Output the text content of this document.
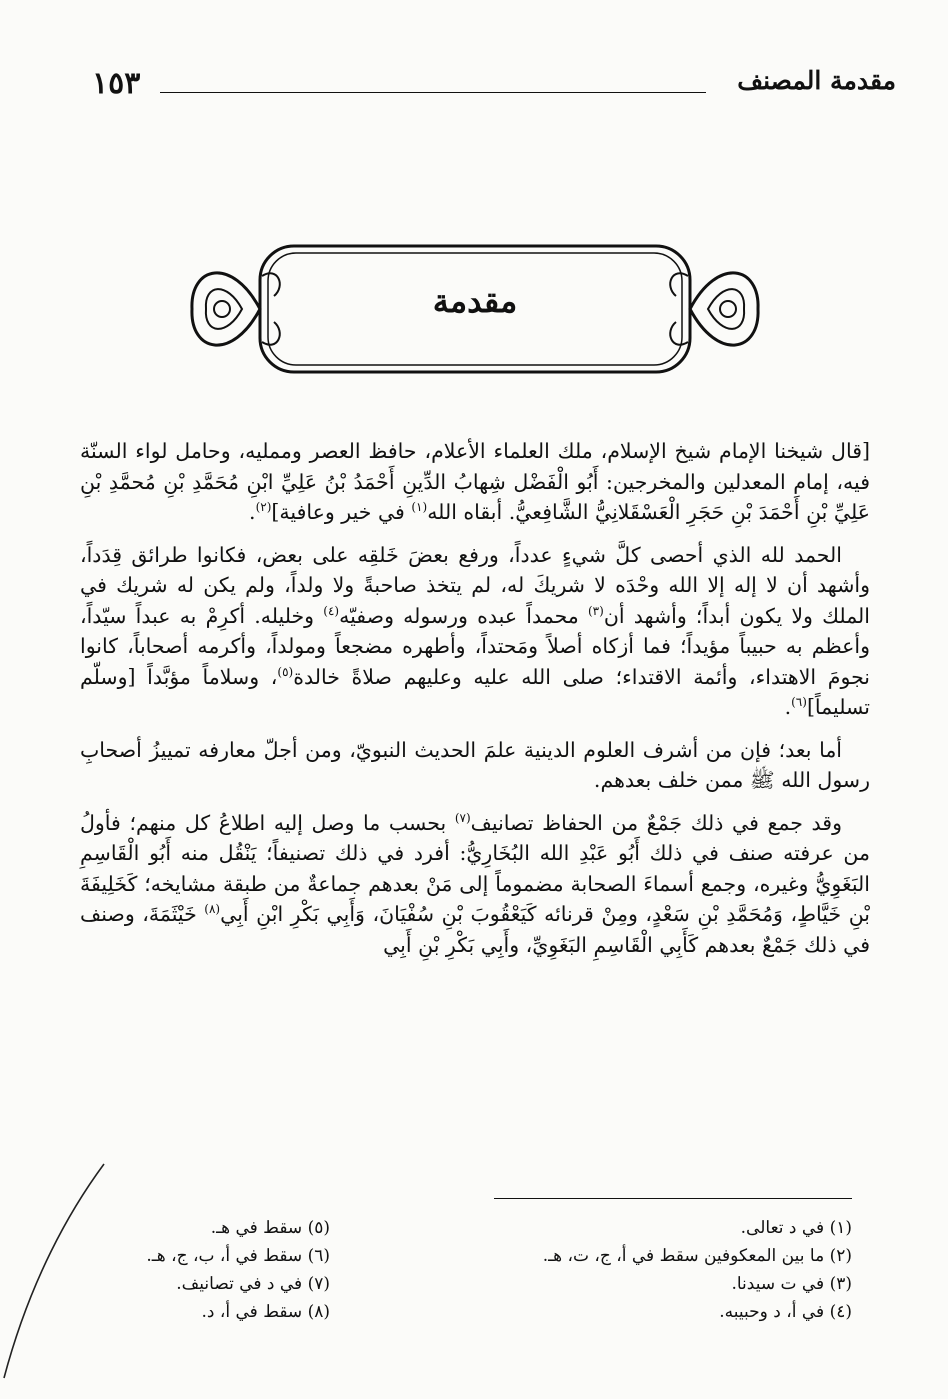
مقدمة المصنف
١٥٣
مقدمة

[قال شيخنا الإمام شيخ الإسلام، ملك العلماء الأعلام، حافظ العصر وممليه، وحامل لواء السنّة فيه، إمام المعدلين والمخرجين: أَبُو الْفَضْل شِهابُ الدِّينِ أَحْمَدُ بْنُ عَلِيِّ ابْنِ مُحَمَّدِ بْنِ مُحمَّدِ بْنِ عَلِيِّ بْنِ أَحْمَدَ بْنِ حَجَرِ الْعَسْقَلانِيُّ الشَّافِعيُّ. أبقاه الله$^{(١)}$ في خير وعافية]$^{(٢)}$.

الحمد لله الذي أحصى كلَّ شيءٍ عدداً، ورفع بعضَ خَلقِه على بعض، فكانوا طرائق قِدَداً، وأشهد أن لا إله إلا الله وحْدَه لا شريكَ له، لم يتخذ صاحبةً ولا ولداً، ولم يكن له شريك في الملك ولا يكون أبداً؛ وأشهد أن$^{(٣)}$ محمداً عبده ورسوله وصفيّه$^{(٤)}$ وخليله. أكرِمْ به عبداً سيّداً، وأعظم به حبيباً مؤيداً؛ فما أزكاه أصلاً ومَحتداً، وأطهره مضجعاً ومولداً، وأكرمه أصحاباً، كانوا نجومَ الاهتداء، وأئمة الاقتداء؛ صلى الله عليه وعليهم صلاةً خالدة$^{(٥)}$، وسلاماً مؤبَّداً [وسلّم تسليماً]$^{(٦)}$.

أما بعد؛ فإن من أشرف العلوم الدينية علمَ الحديث النبويّ، ومن أجلّ معارفه تمييزُ أصحابِ رسول الله ﷺ ممن خلف بعدهم.

وقد جمع في ذلك جَمْعٌ من الحفاظ تصانيف$^{(٧)}$ بحسب ما وصل إليه اطلاعُ كل منهم؛ فأولُ من عرفته صنف في ذلك أَبُو عَبْدِ الله البُخَارِيُّ: أفرد في ذلك تصنيفاً؛ يَنْقُل منه أَبُو الْقَاسِمِ البَغَوِيُّ وغيره، وجمع أسماءَ الصحابة مضموماً إلى مَنْ بعدهم جماعةٌ من طبقة مشايخه؛ كَخَلِيفَةَ بْنِ خَيَّاطٍ، وَمُحَمَّدِ بْنِ سَعْدٍ، ومِنْ قرنائه كَيَعْقُوبَ بْنِ سُفْيَانَ، وَأَبِي بَكْرِ ابْنِ أَبِي$^{(٨)}$ خَيْثَمَةَ، وصنف في ذلك جَمْعٌ بعدهم كَأَبِي الْقَاسِمِ البَغَوِيِّ، وأَبِي بَكْرِ بْنِ أَبِي

(١) في د تعالى.
(٢) ما بين المعكوفين سقط في أ، ج، ت، هـ.
(٣) في ت سيدنا.
(٤) في أ، د وحبيبه.
(٥) سقط في هـ.
(٦) سقط في أ، ب، ج، هـ.
(٧) في د في تصانيف.
(٨) سقط في أ، د.
